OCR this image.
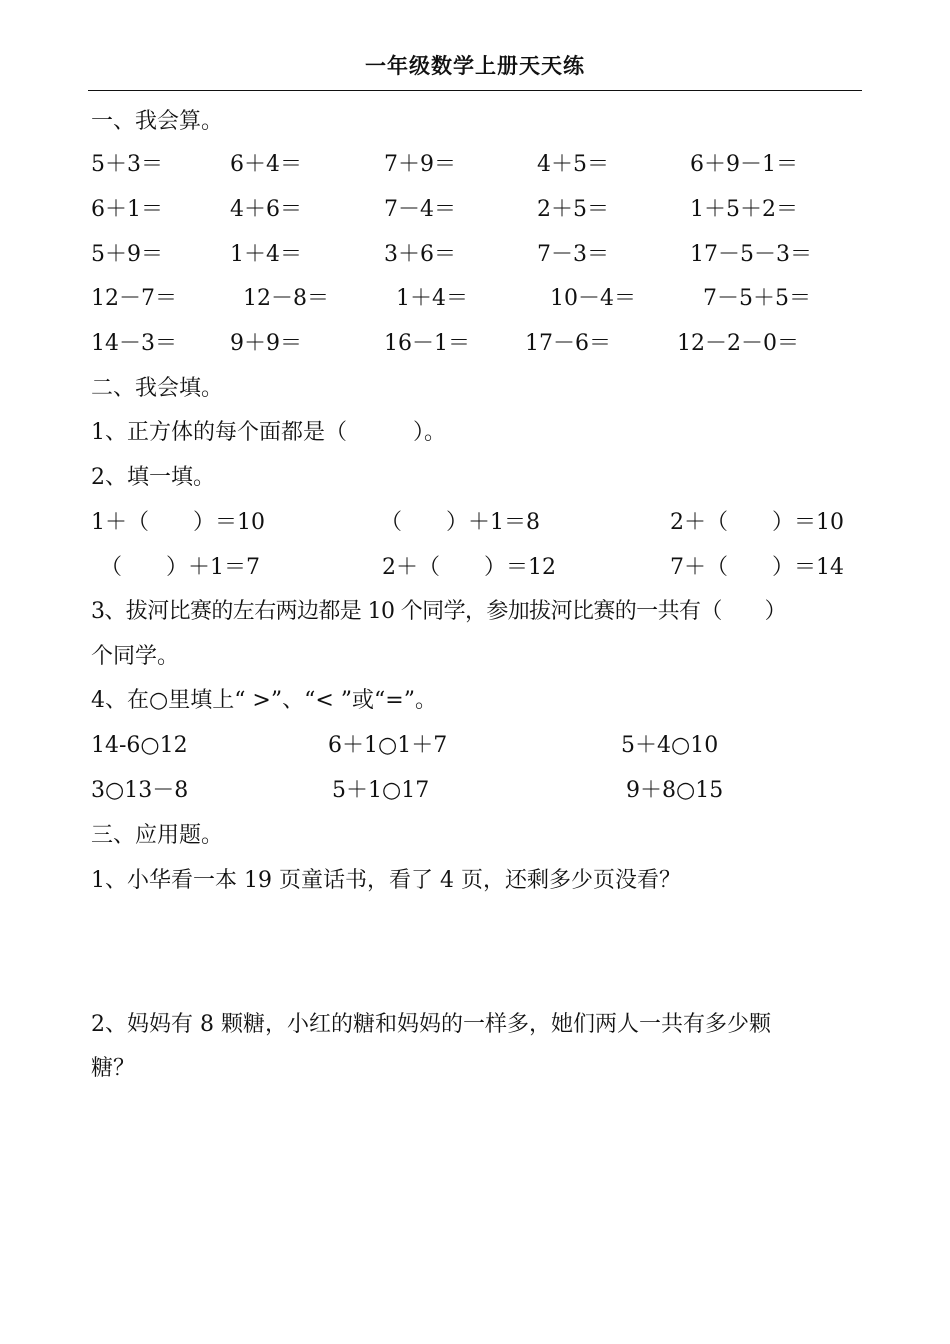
一年级数学上册天天练
一、我会算。
5＋3＝	6＋4＝	7＋9＝	4＋5＝	6＋9－1＝
6＋1＝	4＋6＝	7－4＝	2＋5＝	1＋5＋2＝
5＋9＝	1＋4＝	3＋6＝	7－3＝	17－5－3＝
12－7＝	12－8＝	1＋4＝	10－4＝	7－5＋5＝
14－3＝ 9＋9＝	16－1＝	17－6＝	12－2－0＝
二、我会填。
1、正方体的每个面都是（　　　）。
2、填一填。
1＋（　　）＝10	（　　）＋1＝8	2＋（　　）＝10
（　　）＋1＝7	2＋（　　）＝12	7＋（　　）＝14
3、拔河比赛的左右两边都是 10 个同学，参加拔河比赛的一共有（　　）
个同学。
4、在○里填上“ >”、“< ”或“=”。
14-6○12	6＋1○1＋7	5＋4○10
3○13－8	5＋1○17	9＋8○15
三、应用题。
1、小华看一本 19 页童话书，看了 4 页，还剩多少页没看？
2、妈妈有 8 颗糖，小红的糖和妈妈的一样多，她们两人一共有多少颗
糖？
